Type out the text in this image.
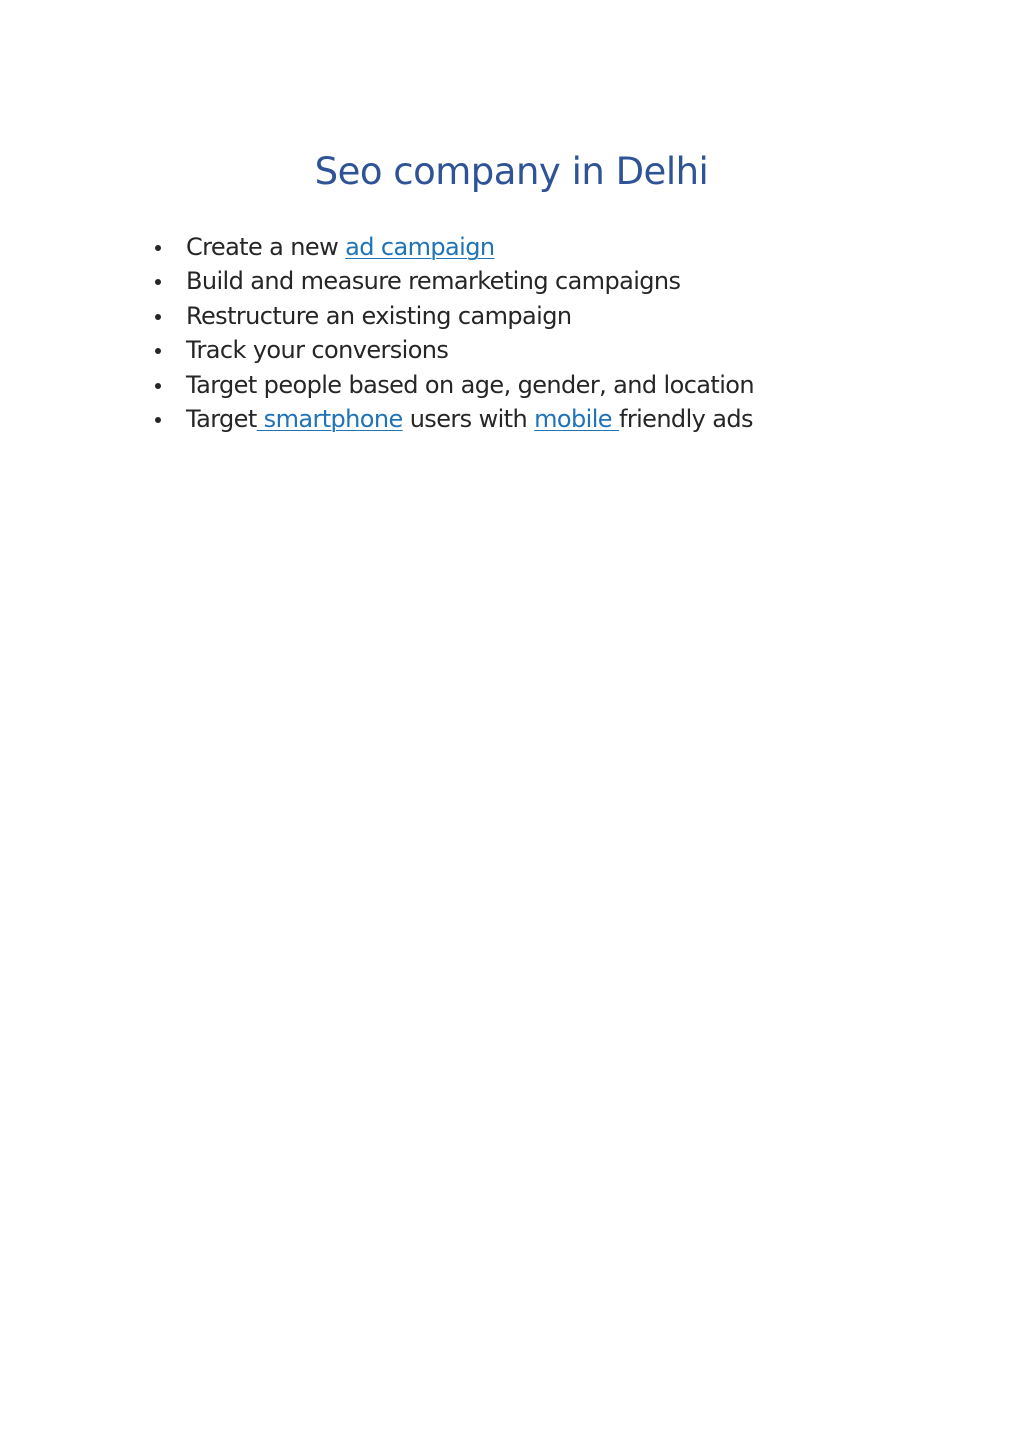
Seo company in Delhi
Create a new ad campaign
Build and measure remarketing campaigns
Restructure an existing campaign
Track your conversions
Target people based on age, gender, and location
Target smartphone users with mobile friendly ads
